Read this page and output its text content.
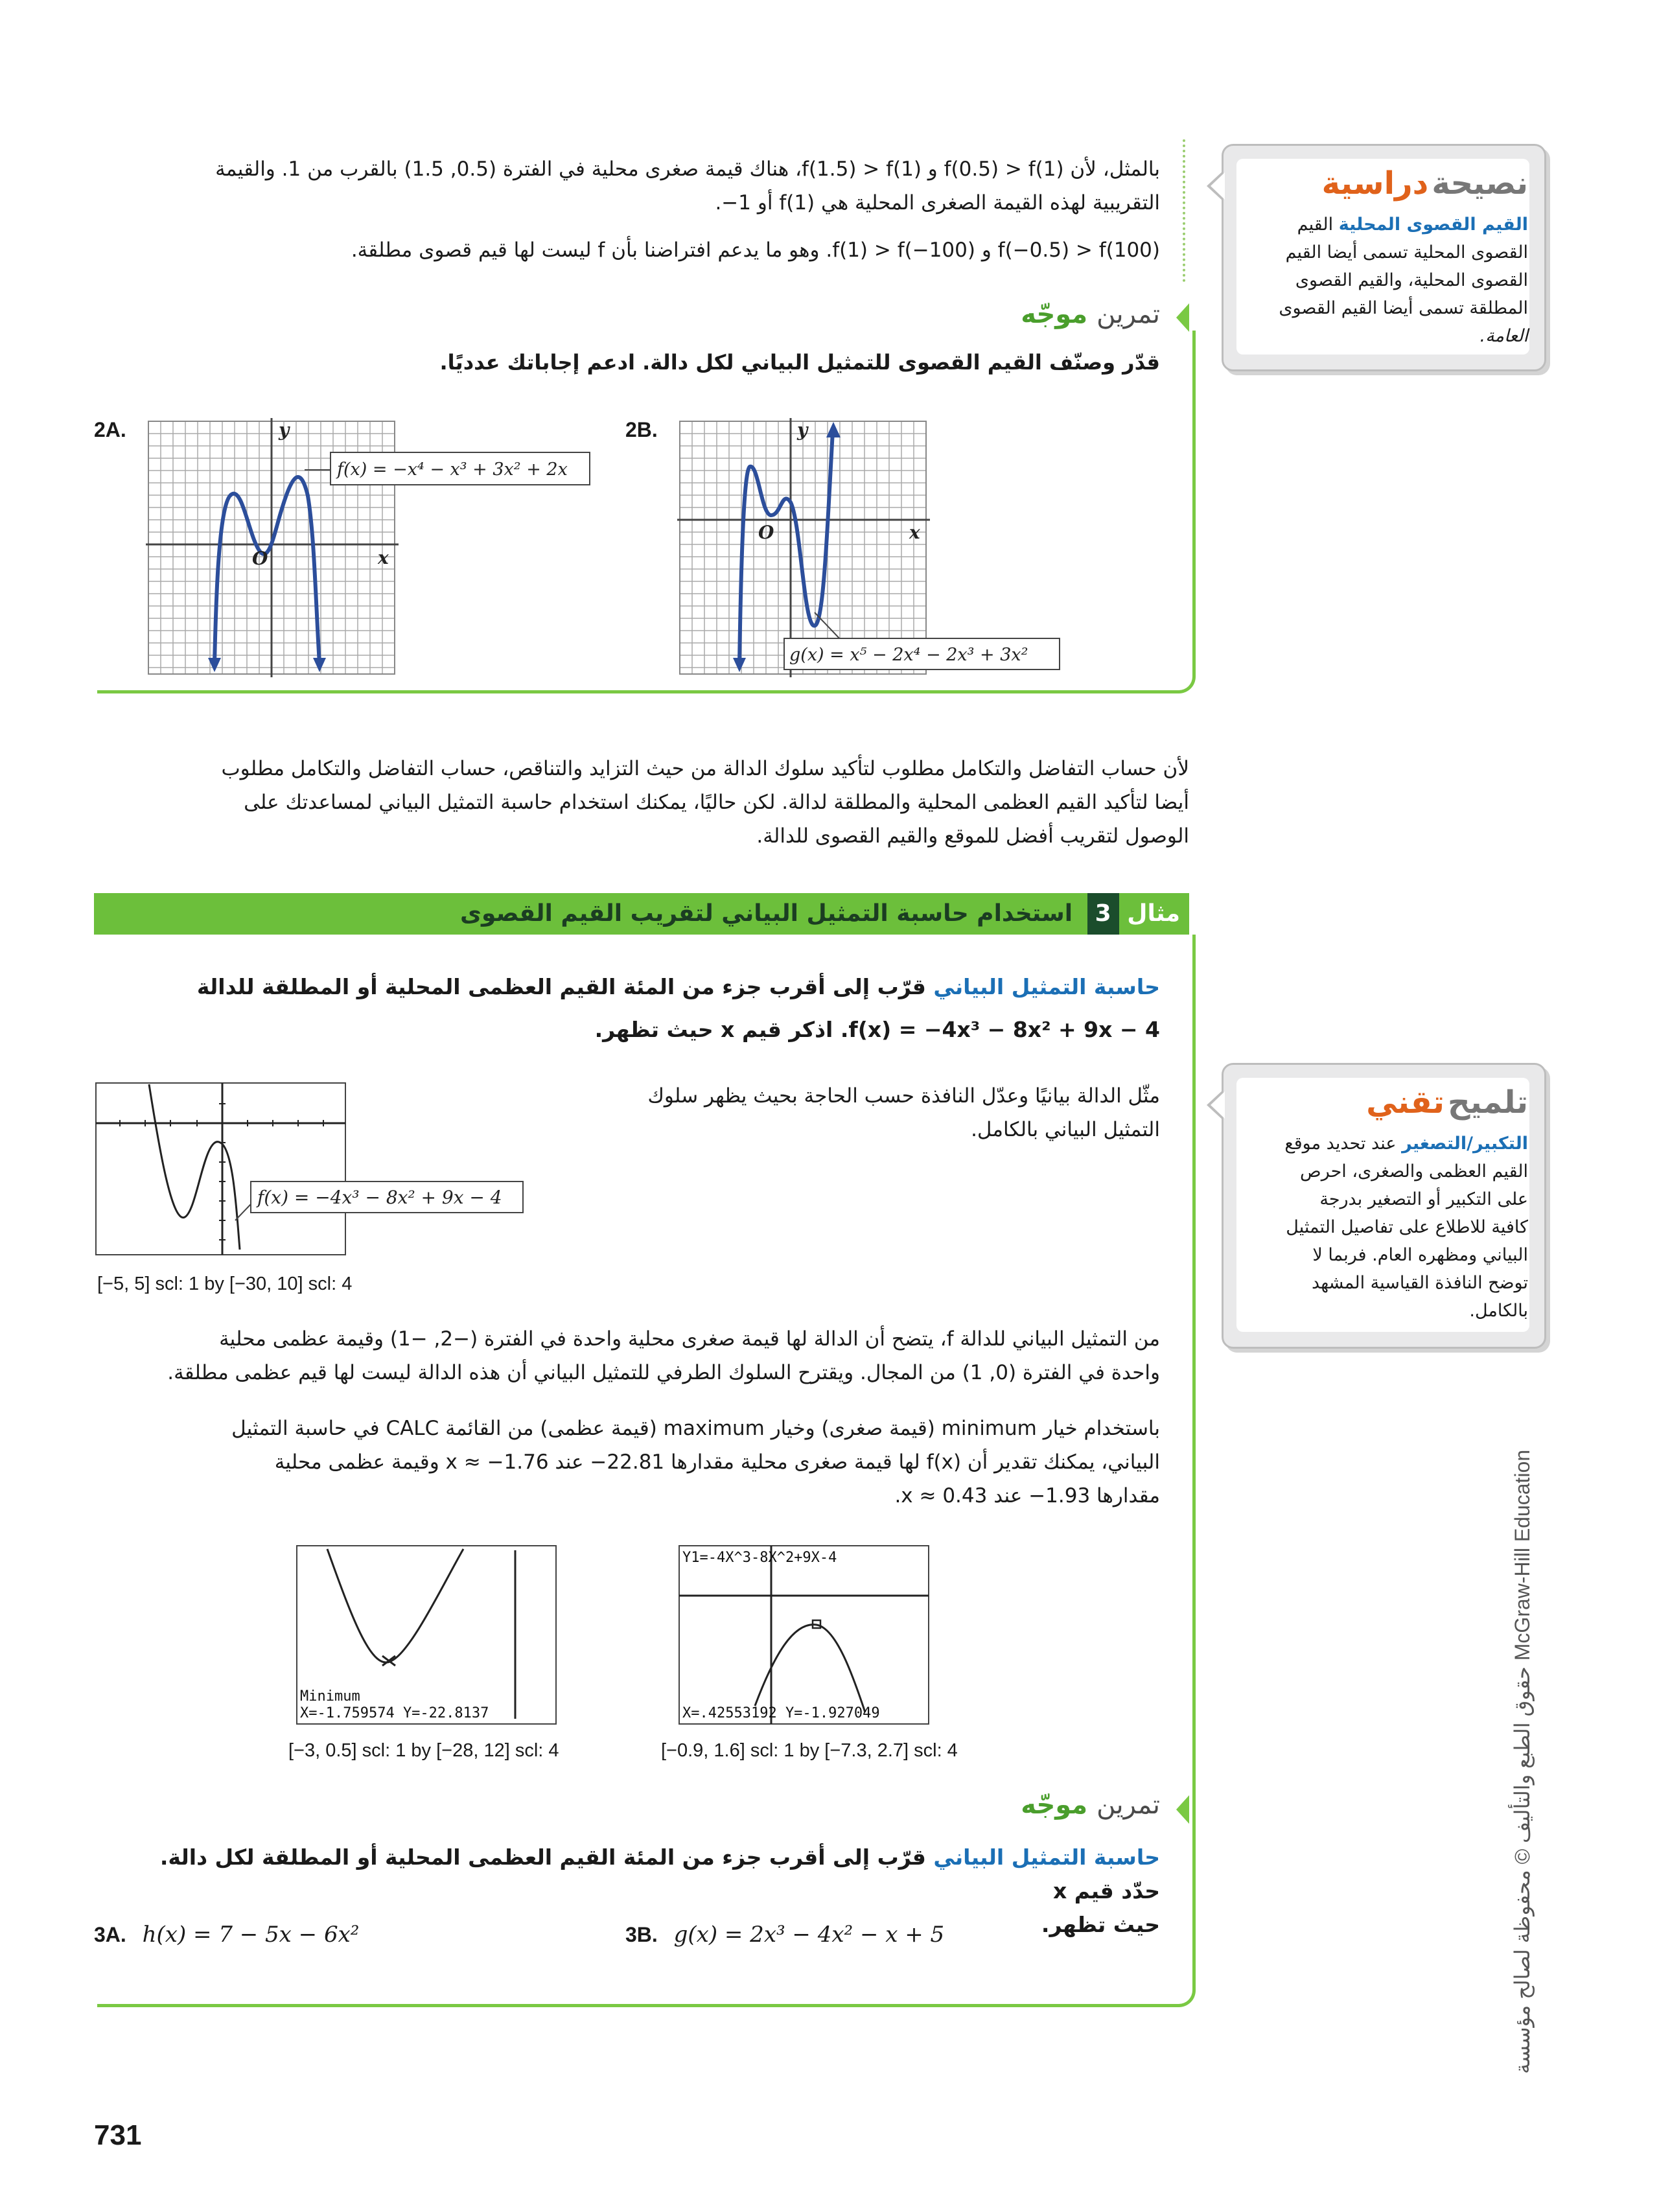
بالمثل، لأن f(0.5) > f(1) و f(1.5) > f(1)، هناك قيمة صغرى محلية في الفترة (0.5, 1.5) بالقرب من 1. والقيمة
التقريبية لهذه القيمة الصغرى المحلية هي f(1) أو 1−.
f(−0.5) > f(100) و f(1) > f(−100). وهو ما يدعم افتراضنا بأن f ليست لها قيم قصوى مطلقة.
نصيحة دراسية
القيم القصوى المحلية القيم
القصوى المحلية تسمى أيضا القيم
القصوى المحلية، والقيم القصوى
المطلقة تسمى أيضا القيم القصوى
العامة.
تمرين موجّه
قدّر وصنّف القيم القصوى للتمثيل البياني لكل دالة. ادعم إجاباتك عدديًا.
2A.	y
x
O
f(x) = −x⁴ − x³ + 3x² + 2x
2B.	y
x
O
g(x) = x⁵ − 2x⁴ − 2x³ + 3x²
لأن حساب التفاضل والتكامل مطلوب لتأكيد سلوك الدالة من حيث التزايد والتناقص، حساب التفاضل والتكامل مطلوب
أيضا لتأكيد القيم العظمى المحلية والمطلقة لدالة. لكن حاليًا، يمكنك استخدام حاسبة التمثيل البياني لمساعدتك على
الوصول لتقريب أفضل للموقع والقيم القصوى للدالة.
مثال 3 استخدام حاسبة التمثيل البياني لتقريب القيم القصوى
حاسبة التمثيل البياني قرّب إلى أقرب جزء من المئة القيم العظمى المحلية أو المطلقة للدالة
f(x) = −4x³ − 8x² + 9x − 4. اذكر قيم x حيث تظهر.
مثّل الدالة بيانيًا وعدّل النافذة حسب الحاجة بحيث يظهر سلوك
التمثيل البياني بالكامل.
f(x) = −4x³ − 8x² + 9x − 4
[−5, 5] scl: 1 by [−30, 10] scl: 4
من التمثيل البياني للدالة f، يتضح أن الدالة لها قيمة صغرى محلية واحدة في الفترة (−2, −1) وقيمة عظمى محلية
واحدة في الفترة (0, 1) من المجال. ويقترح السلوك الطرفي للتمثيل البياني أن هذه الدالة ليست لها قيم عظمى مطلقة.
باستخدام خيار minimum (قيمة صغرى) وخيار maximum (قيمة عظمى) من القائمة CALC في حاسبة التمثيل
البياني، يمكنك تقدير أن f(x) لها قيمة صغرى محلية مقدارها 22.81− عند x ≈ −1.76 وقيمة عظمى محلية
مقدارها 1.93− عند x ≈ 0.43.
Minimum
X=-1.759574 Y=-22.8137
[−3, 0.5] scl: 1 by [−28, 12] scl: 4
Y1=-4X^3-8X^2+9X-4
X=.42553192 Y=-1.927049
[−0.9, 1.6] scl: 1 by [−7.3, 2.7] scl: 4
تمرين موجّه
حاسبة التمثيل البياني قرّب إلى أقرب جزء من المئة القيم العظمى المحلية أو المطلقة لكل دالة. حدّد قيم x
حيث تظهر.
3A. h(x) = 7 − 5x − 6x²	3B. g(x) = 2x³ − 4x² − x + 5
تلميح تقني
التكبير/التصغير عند تحديد موقع
القيم العظمى والصغرى، احرص
على التكبير أو التصغير بدرجة
كافية للاطلاع على تفاصيل التمثيل
البياني ومظهره العام. فربما لا
توضح النافذة القياسية المشهد
بالكامل.
حقوق الطبع والتأليف © محفوظة لصالح مؤسسة McGraw-Hill Education
731
